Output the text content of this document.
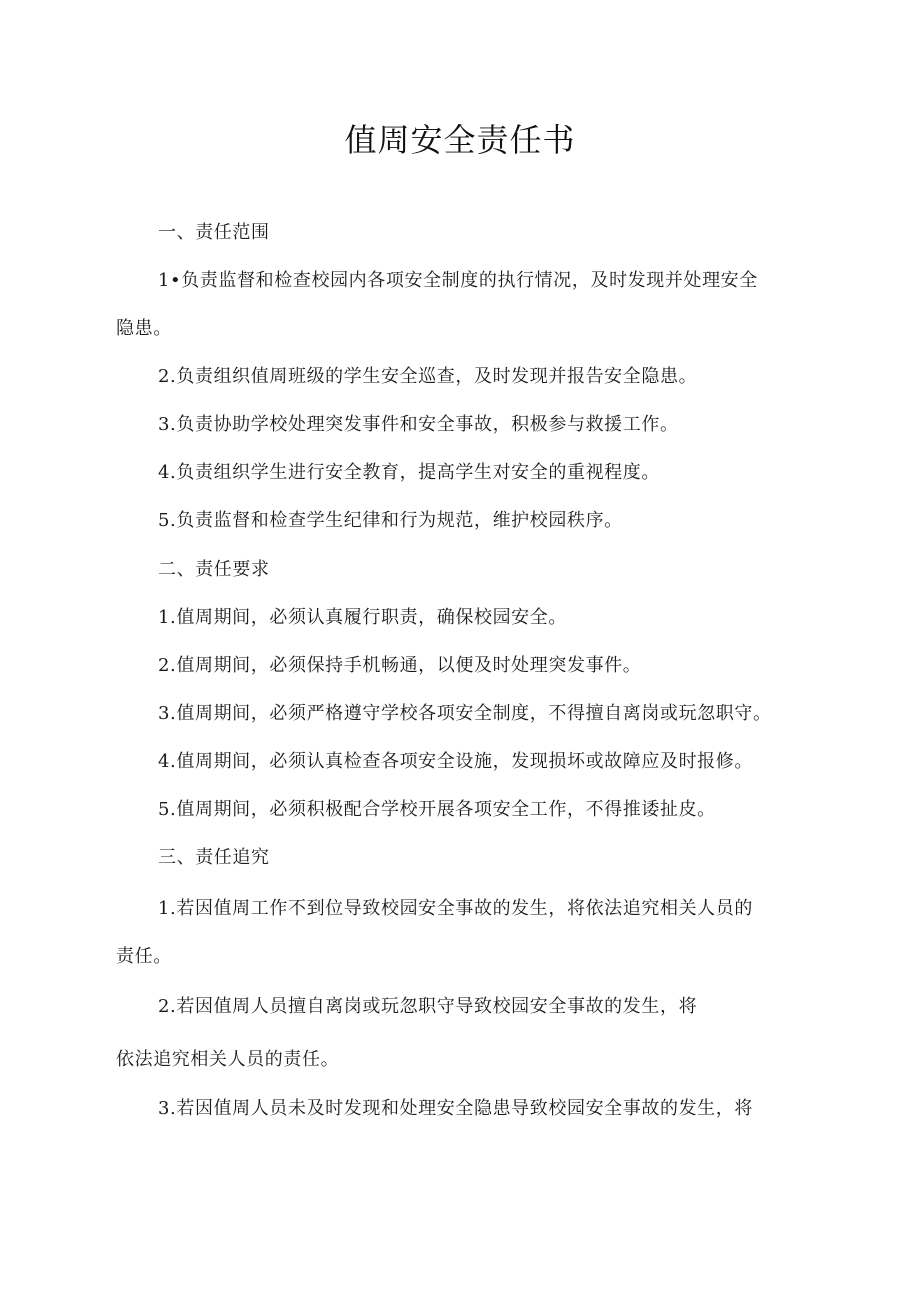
值周安全责任书
一、责任范围
1•负责监督和检查校园内各项安全制度的执行情况，及时发现并处理安全
隐患。
2.负责组织值周班级的学生安全巡查，及时发现并报告安全隐患。
3.负责协助学校处理突发事件和安全事故，积极参与救援工作。
4.负责组织学生进行安全教育，提高学生对安全的重视程度。
5.负责监督和检查学生纪律和行为规范，维护校园秩序。
二、责任要求
1.值周期间，必须认真履行职责，确保校园安全。
2.值周期间，必须保持手机畅通，以便及时处理突发事件。
3.值周期间，必须严格遵守学校各项安全制度，不得擅自离岗或玩忽职守。
4.值周期间，必须认真检查各项安全设施，发现损坏或故障应及时报修。
5.值周期间，必须积极配合学校开展各项安全工作，不得推诿扯皮。
三、责任追究
1.若因值周工作不到位导致校园安全事故的发生，将依法追究相关人员的
责任。
2.若因值周人员擅自离岗或玩忽职守导致校园安全事故的发生，将
依法追究相关人员的责任。
3.若因值周人员未及时发现和处理安全隐患导致校园安全事故的发生，将
